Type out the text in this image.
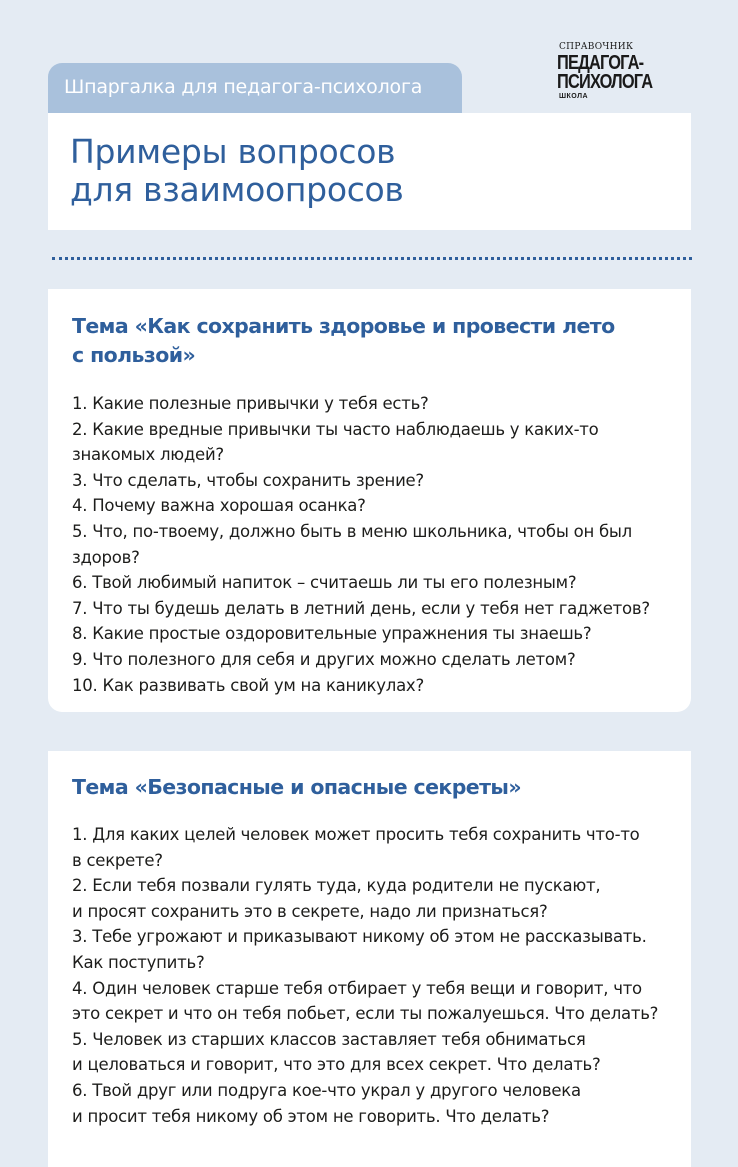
Шпаргалка для педагога-психолога
Примеры вопросов
для взаимоопросов
СПРАВОЧНИК
ПЕДАГОГА-
ПСИХОЛОГА
ШКОЛА
Тема «Как сохранить здоровье и провести лето
с пользой»
1. Какие полезные привычки у тебя есть?
2. Какие вредные привычки ты часто наблюдаешь у каких-то
знакомых людей?
3. Что сделать, чтобы сохранить зрение?
4. Почему важна хорошая осанка?
5. Что, по-твоему, должно быть в меню школьника, чтобы он был
здоров?
6. Твой любимый напиток – считаешь ли ты его полезным?
7. Что ты будешь делать в летний день, если у тебя нет гаджетов?
8. Какие простые оздоровительные упражнения ты знаешь?
9. Что полезного для себя и других можно сделать летом?
10. Как развивать свой ум на каникулах?
Тема «Безопасные и опасные секреты»
1. Для каких целей человек может просить тебя сохранить что-то
в секрете?
2. Если тебя позвали гулять туда, куда родители не пускают,
и просят сохранить это в секрете, надо ли признаться?
3. Тебе угрожают и приказывают никому об этом не рассказывать.
Как поступить?
4. Один человек старше тебя отбирает у тебя вещи и говорит, что
это секрет и что он тебя побьет, если ты пожалуешься. Что делать?
5. Человек из старших классов заставляет тебя обниматься
и целоваться и говорит, что это для всех секрет. Что делать?
6. Твой друг или подруга кое-что украл у другого человека
и просит тебя никому об этом не говорить. Что делать?
